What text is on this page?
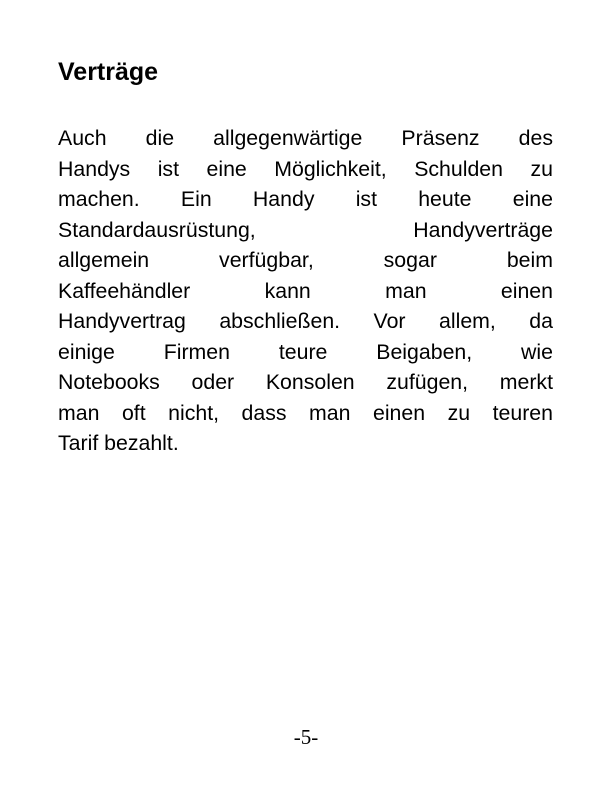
Verträge
Auch die allgegenwärtige Präsenz des
Handys ist eine Möglichkeit, Schulden zu
machen. Ein Handy ist heute eine
Standardausrüstung, Handyverträge
allgemein verfügbar, sogar beim
Kaffeehändler kann man einen
Handyvertrag abschließen. Vor allem, da
einige Firmen teure Beigaben, wie
Notebooks oder Konsolen zufügen, merkt
man oft nicht, dass man einen zu teuren
Tarif bezahlt.
-5-
